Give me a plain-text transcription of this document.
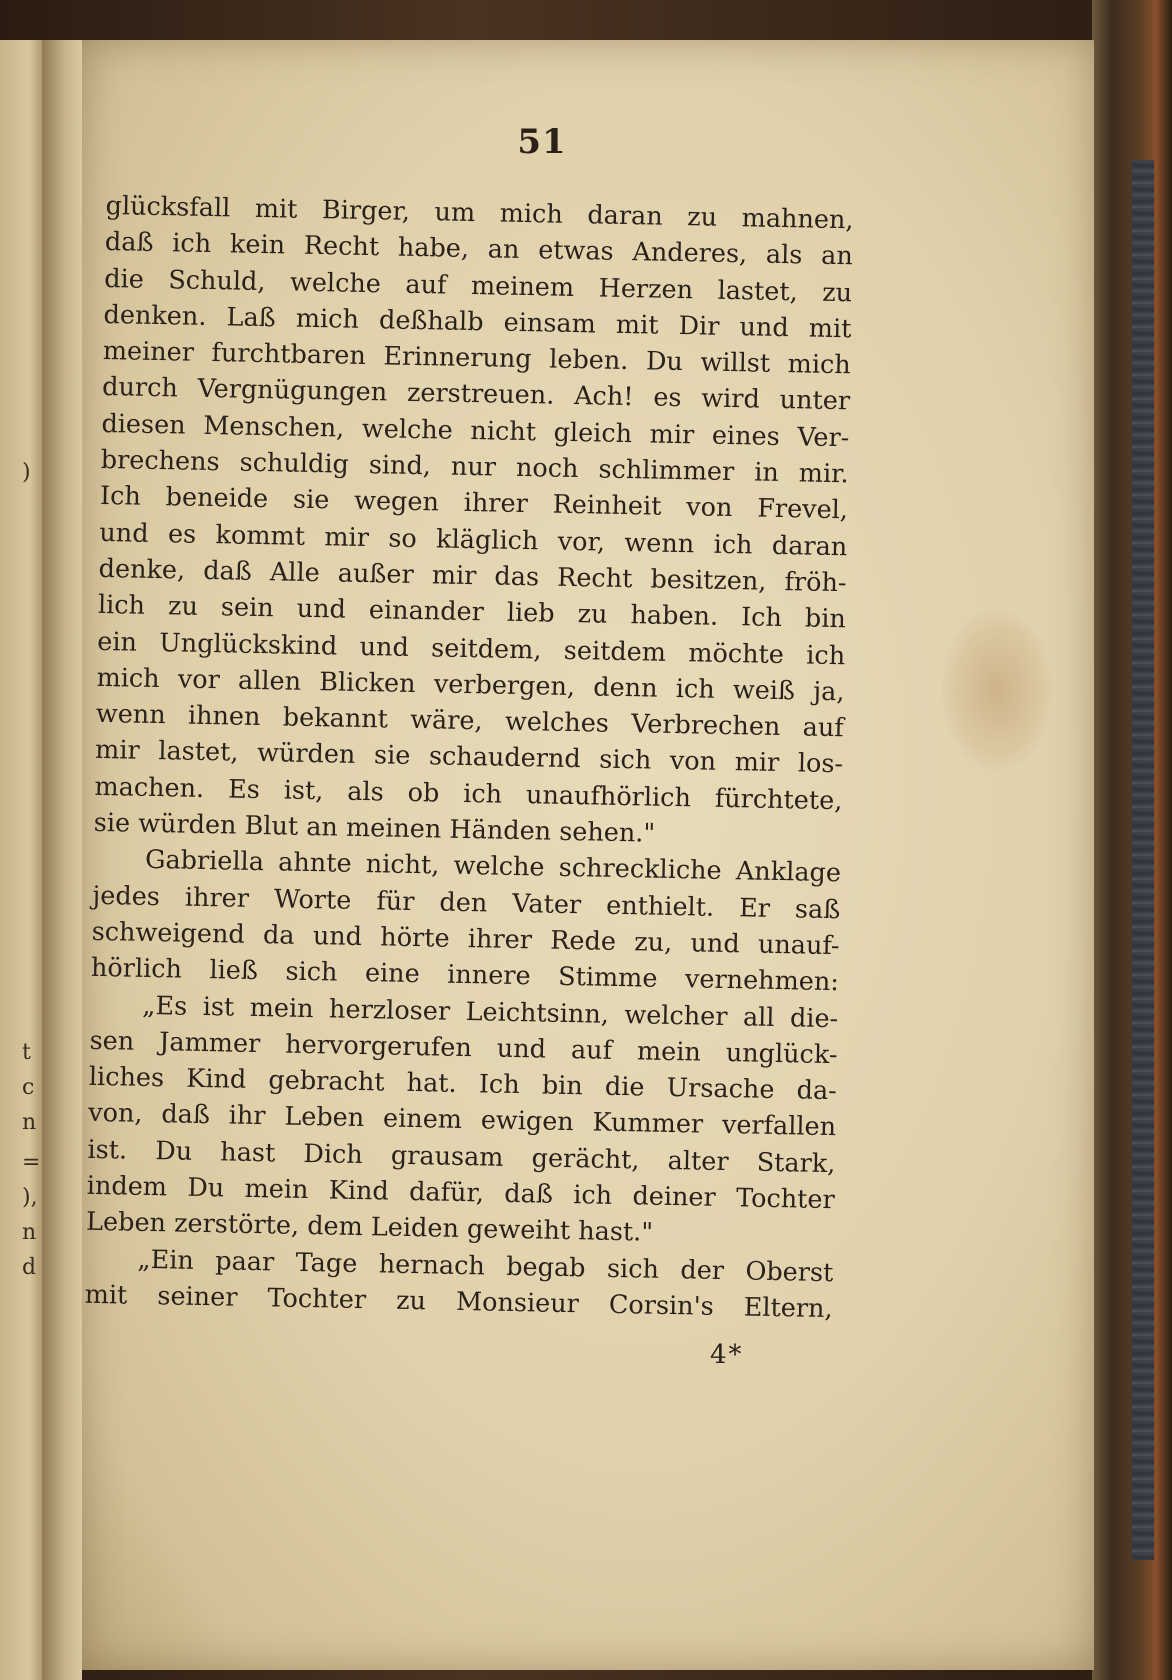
)
t
c
n
=
),
n
d
51
glücksfall mit Birger, um mich daran zu mahnen,
daß ich kein Recht habe, an etwas Anderes, als an
die Schuld, welche auf meinem Herzen lastet, zu
denken. Laß mich deßhalb einsam mit Dir und mit
meiner furchtbaren Erinnerung leben. Du willst mich
durch Vergnügungen zerstreuen. Ach! es wird unter
diesen Menschen, welche nicht gleich mir eines Ver-
brechens schuldig sind, nur noch schlimmer in mir.
Ich beneide sie wegen ihrer Reinheit von Frevel,
und es kommt mir so kläglich vor, wenn ich daran
denke, daß Alle außer mir das Recht besitzen, fröh-
lich zu sein und einander lieb zu haben. Ich bin
ein Unglückskind und seitdem, seitdem möchte ich
mich vor allen Blicken verbergen, denn ich weiß ja,
wenn ihnen bekannt wäre, welches Verbrechen auf
mir lastet, würden sie schaudernd sich von mir los-
machen. Es ist, als ob ich unaufhörlich fürchtete,
sie würden Blut an meinen Händen sehen."
Gabriella ahnte nicht, welche schreckliche Anklage
jedes ihrer Worte für den Vater enthielt. Er saß
schweigend da und hörte ihrer Rede zu, und unauf-
hörlich ließ sich eine innere Stimme vernehmen:
„Es ist mein herzloser Leichtsinn, welcher all die-
sen Jammer hervorgerufen und auf mein unglück-
liches Kind gebracht hat. Ich bin die Ursache da-
von, daß ihr Leben einem ewigen Kummer verfallen
ist. Du hast Dich grausam gerächt, alter Stark,
indem Du mein Kind dafür, daß ich deiner Tochter
Leben zerstörte, dem Leiden geweiht hast."
„Ein paar Tage hernach begab sich der Oberst
mit seiner Tochter zu Monsieur Corsin's Eltern,
4*
